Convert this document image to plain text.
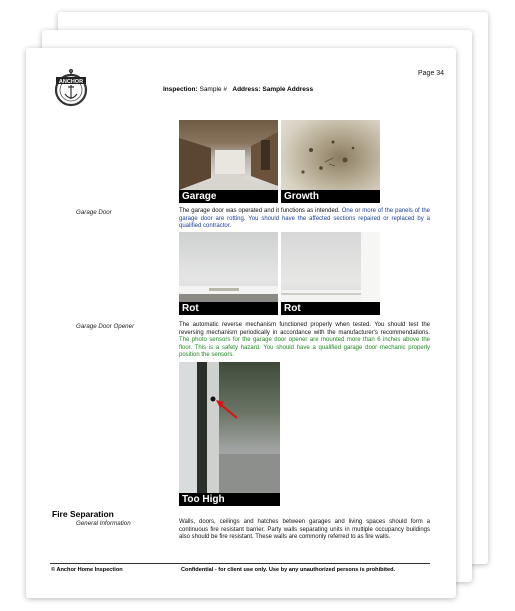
ANCHOR
Page 34
Inspection: Sample # Address: Sample Address
Garage	Growth
Garage Door	The garage door was operated and it functions as intended. One or more of the panels of the garage door are rotting. You should have the affected sections repaired or replaced by a qualified contractor.
Rot	Rot
Garage Door Opener	The automatic reverse mechanism functioned properly when tested. You should test the reversing mechanism periodically in accordance with the manufacturer's recommendations. The photo sensors for the garage door opener are mounted more than 6 inches above the floor. This is a safety hazard. You should have a qualified garage door mechanic properly position the sensors.
Too High
Fire Separation
General Information	Walls, doors, ceilings and hatches between garages and living spaces should form a continuous fire resistant barrier. Party walls separating units in multiple occupancy buildings also should be fire resistant. These walls are commonly referred to as fire walls.
© Anchor Home Inspection	Confidential - for client use only. Use by any unauthorized persons is prohibited.
